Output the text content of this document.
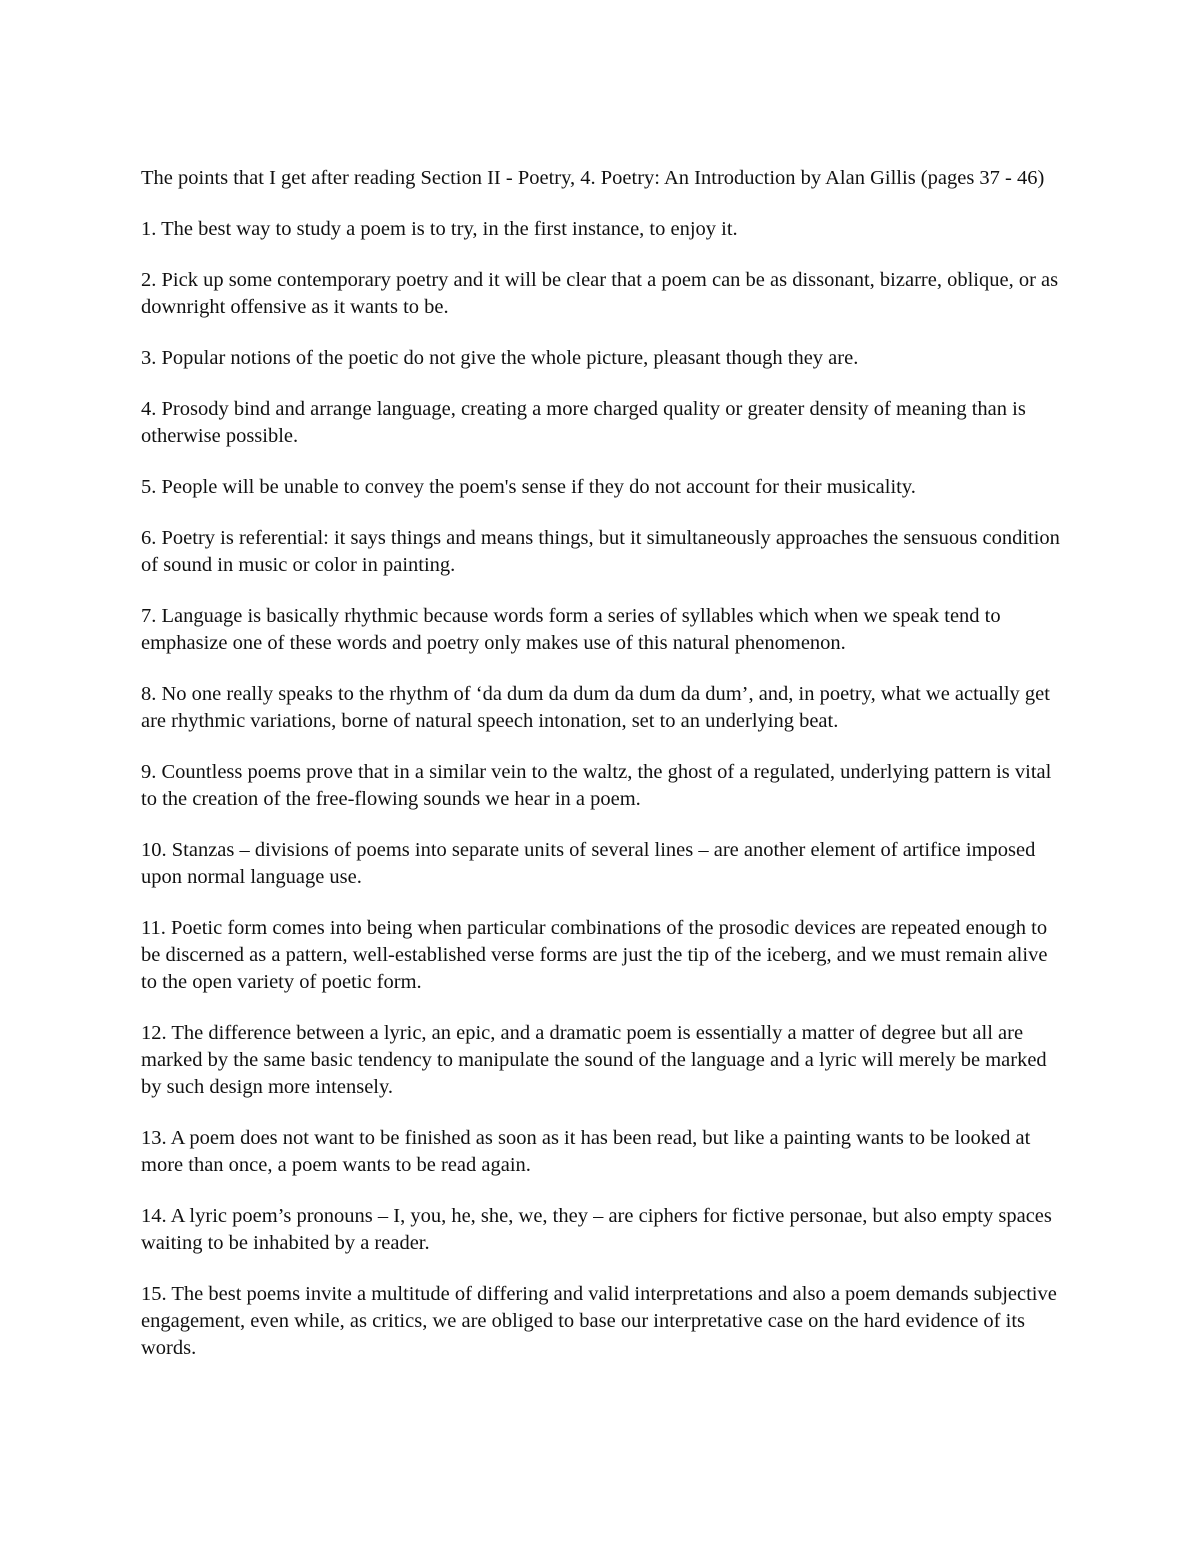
The points that I get after reading Section II - Poetry, 4. Poetry: An Introduction by Alan Gillis (pages 37 - 46)

1. The best way to study a poem is to try, in the first instance, to enjoy it.

2. Pick up some contemporary poetry and it will be clear that a poem can be as dissonant, bizarre, oblique, or as downright offensive as it wants to be.

3. Popular notions of the poetic do not give the whole picture, pleasant though they are.

4. Prosody bind and arrange language, creating a more charged quality or greater density of meaning than is otherwise possible.

5. People will be unable to convey the poem's sense if they do not account for their musicality.

6. Poetry is referential: it says things and means things, but it simultaneously approaches the sensuous condition of sound in music or color in painting.

7. Language is basically rhythmic because words form a series of syllables which when we speak tend to emphasize one of these words and poetry only makes use of this natural phenomenon.

8. No one really speaks to the rhythm of ‘da dum da dum da dum da dum’, and, in poetry, what we actually get are rhythmic variations, borne of natural speech intonation, set to an underlying beat.

9. Countless poems prove that in a similar vein to the waltz, the ghost of a regulated, underlying pattern is vital to the creation of the free-flowing sounds we hear in a poem.

10. Stanzas – divisions of poems into separate units of several lines – are another element of artifice imposed upon normal language use.

11. Poetic form comes into being when particular combinations of the prosodic devices are repeated enough to be discerned as a pattern, well-established verse forms are just the tip of the iceberg, and we must remain alive to the open variety of poetic form.

12. The difference between a lyric, an epic, and a dramatic poem is essentially a matter of degree but all are marked by the same basic tendency to manipulate the sound of the language and a lyric will merely be marked by such design more intensely.

13. A poem does not want to be finished as soon as it has been read, but like a painting wants to be looked at more than once, a poem wants to be read again.

14. A lyric poem’s pronouns – I, you, he, she, we, they – are ciphers for fictive personae, but also empty spaces waiting to be inhabited by a reader.

15. The best poems invite a multitude of differing and valid interpretations and also a poem demands subjective engagement, even while, as critics, we are obliged to base our interpretative case on the hard evidence of its words.
